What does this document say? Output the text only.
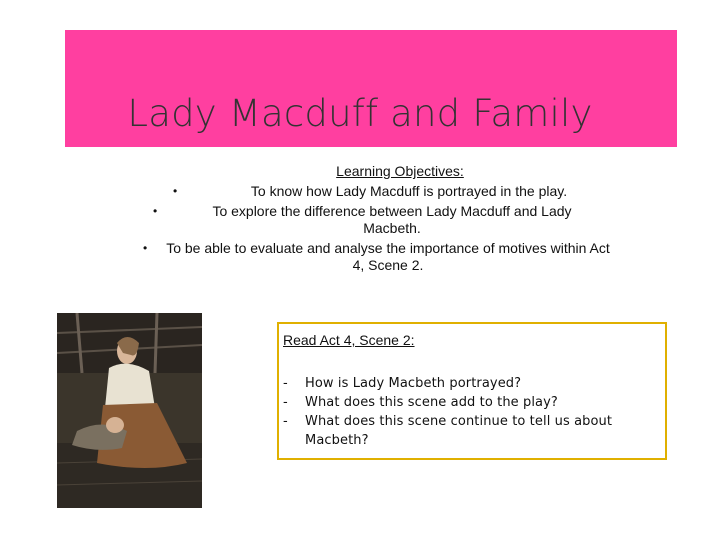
Lady Macduff and Family
Learning Objectives:
•	To know how Lady Macduff is portrayed in the play.
•	To explore the difference between Lady Macduff and Lady Macbeth.
• To be able to evaluate and analyse the importance of motives within Act 4, Scene 2.
Read Act 4, Scene 2:
- How is Lady Macbeth portrayed?
- What does this scene add to the play?
- What does this scene continue to tell us about Macbeth?
